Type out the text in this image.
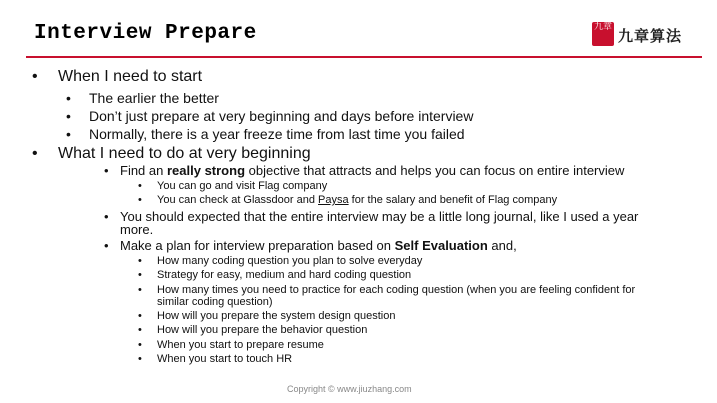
Interview Prepare	九章 九章算法
• When I need to start
• The earlier the better
• Don’t just prepare at very beginning and days before interview
• Normally, there is a year freeze time from last time you failed
• What I need to do at very beginning
• Find an really strong objective that attracts and helps you can focus on entire interview
• You can go and visit Flag company
• You can check at Glassdoor and Paysa for the salary and benefit of Flag company
• You should expected that the entire interview may be a little long journal, like I used a year
more.
• Make a plan for interview preparation based on Self Evaluation and,
• How many coding question you plan to solve everyday
• Strategy for easy, medium and hard coding question
• How many times you need to practice for each coding question (when you are feeling confident for
similar coding question)
• How will you prepare the system design question
• How will you prepare the behavior question
• When you start to prepare resume
• When you start to touch HR
Copyright © www.jiuzhang.com
